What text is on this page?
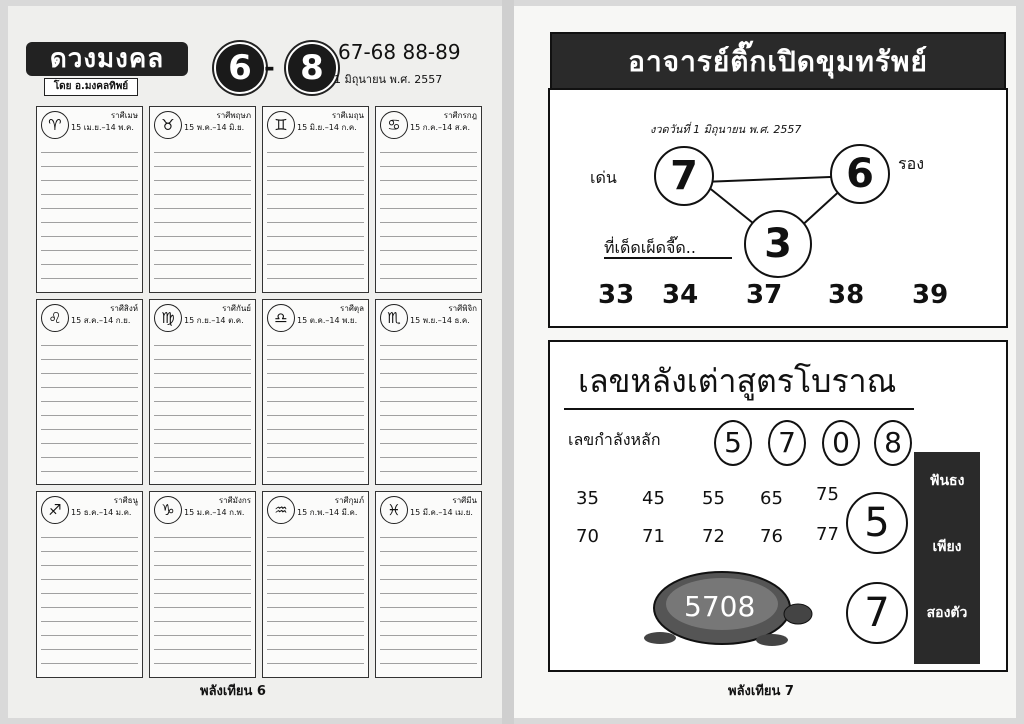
ดวงมงคล
โดย อ.มงคลทิพย์	6 - 8 67-68 88-89
1 มิถุนายน พ.ศ. 2557
♈
ราศีเมษ
15 เม.ย.–14 พ.ค.	♉
ราศีพฤษภ
15 พ.ค.–14 มิ.ย.	♊
ราศีเมถุน
15 มิ.ย.–14 ก.ค.	♋
ราศีกรกฎ
15 ก.ค.–14 ส.ค.
♌
ราศีสิงห์
15 ส.ค.–14 ก.ย.	♍
ราศีกันย์
15 ก.ย.–14 ต.ค.	♎
ราศีตุล
15 ต.ค.–14 พ.ย.	♏
ราศีพิจิก
15 พ.ย.–14 ธ.ค.
♐
ราศีธนู
15 ธ.ค.–14 ม.ค.	♑
ราศีมังกร
15 ม.ค.–14 ก.พ.	♒
ราศีกุมภ์
15 ก.พ.–14 มี.ค.	♓
ราศีมีน
15 มี.ค.–14 เม.ย.
พลังเทียน 6
อาจารย์ติ๊กเปิดขุมทรัพย์
งวดวันที่ 1 มิถุนายน พ.ศ. 2557
เด่น	7	6	รอง
3
ที่เด็ดเผ็ดจี๊ด..
33 34 37 38 39
เลขหลังเต่าสูตรโบราณ
เลขกำลังหลัก	5	7	0	8
35 45 55 65 75
70 71 72 76 77 5
7
ฟันธง
เพียง
สองตัว
5708
พลังเทียน 7
